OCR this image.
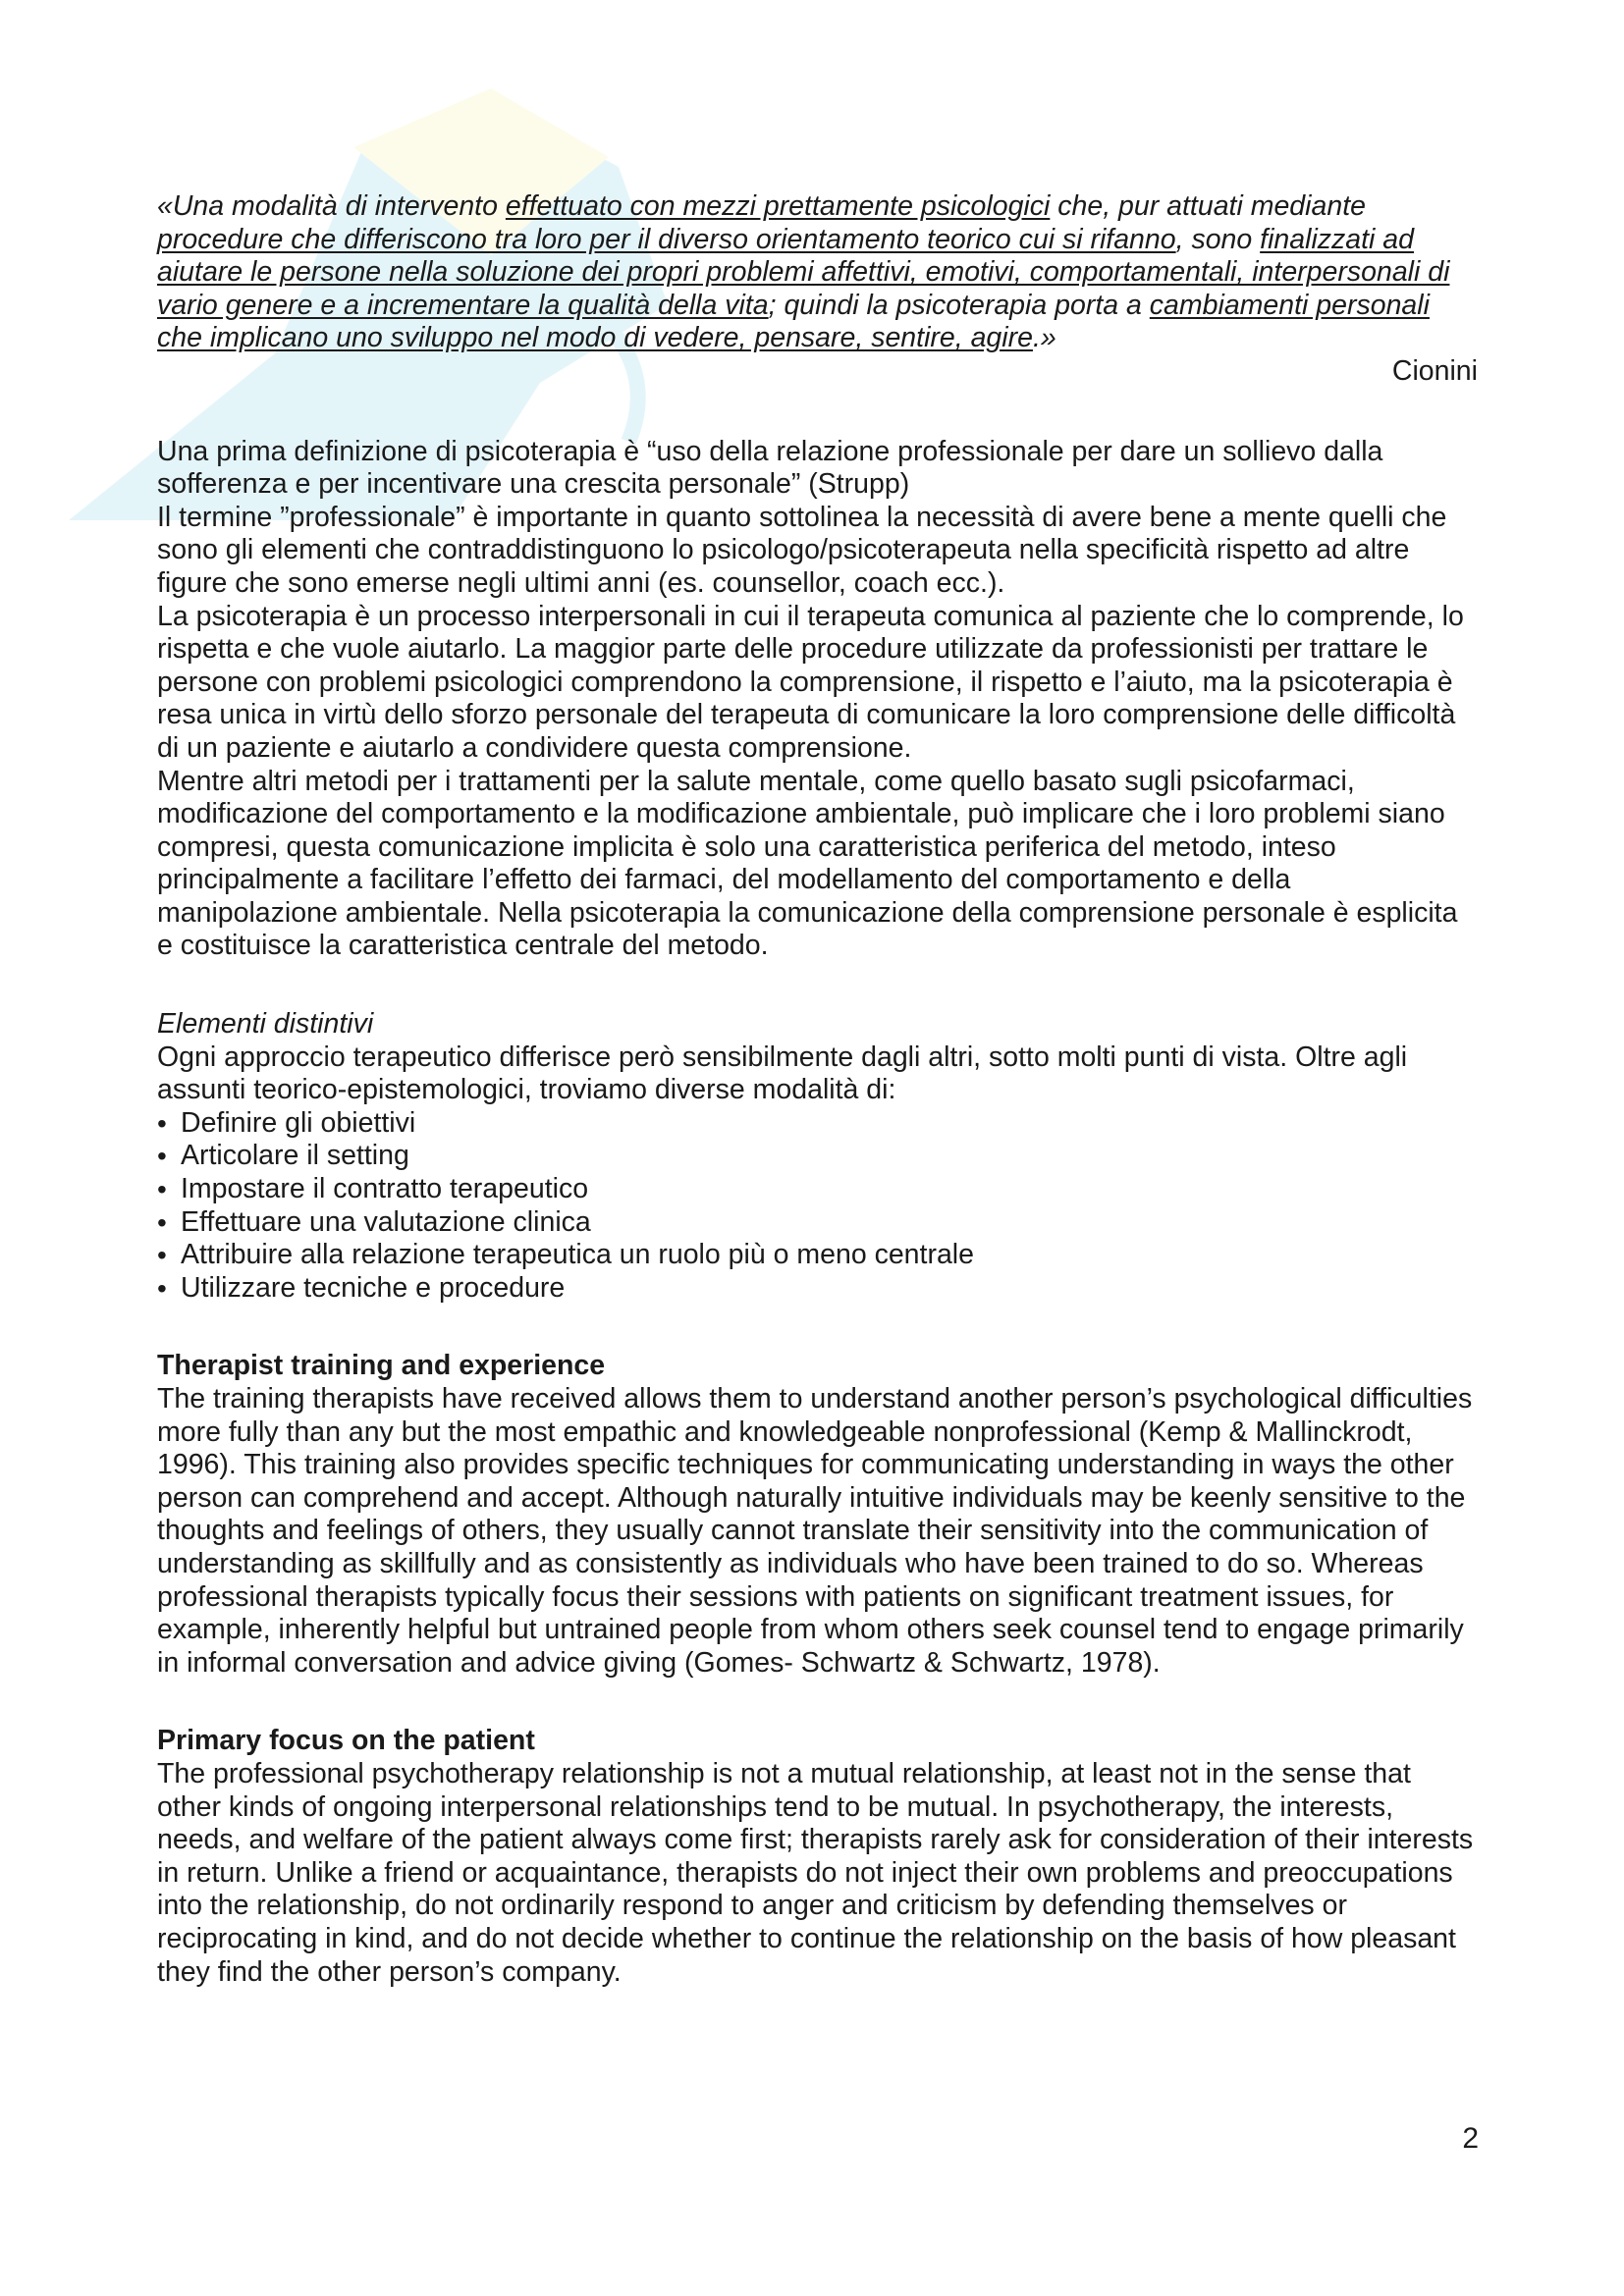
«Una modalità di intervento effettuato con mezzi prettamente psicologici che, pur attuati mediante procedure che differiscono tra loro per il diverso orientamento teorico cui si rifanno, sono finalizzati ad aiutare le persone nella soluzione dei propri problemi affettivi, emotivi, comportamentali, interpersonali di vario genere e a incrementare la qualità della vita; quindi la psicoterapia porta a cambiamenti personali che implicano uno sviluppo nel modo di vedere, pensare, sentire, agire.»

Cionini

Una prima definizione di psicoterapia è “uso della relazione professionale per dare un sollievo dalla sofferenza e per incentivare una crescita personale” (Strupp)

Il termine ”professionale” è importante in quanto sottolinea la necessità di avere bene a mente quelli che sono gli elementi che contraddistinguono lo psicologo/psicoterapeuta nella specificità rispetto ad altre figure che sono emerse negli ultimi anni (es. counsellor, coach ecc.).

La psicoterapia è un processo interpersonali in cui il terapeuta comunica al paziente che lo comprende, lo rispetta e che vuole aiutarlo. La maggior parte delle procedure utilizzate da professionisti per trattare le persone con problemi psicologici comprendono la comprensione, il rispetto e l’aiuto, ma la psicoterapia è resa unica in virtù dello sforzo personale del terapeuta di comunicare la loro comprensione delle difficoltà di un paziente e aiutarlo a condividere questa comprensione.

Mentre altri metodi per i trattamenti per la salute mentale, come quello basato sugli psicofarmaci, modificazione del comportamento e la modificazione ambientale, può implicare che i loro problemi siano compresi, questa comunicazione implicita è solo una caratteristica periferica del metodo, inteso principalmente a facilitare l’effetto dei farmaci, del modellamento del comportamento e della manipolazione ambientale. Nella psicoterapia la comunicazione della comprensione personale è esplicita e costituisce la caratteristica centrale del metodo.

Elementi distintivi

Ogni approccio terapeutico differisce però sensibilmente dagli altri, sotto molti punti di vista. Oltre agli assunti teorico-epistemologici, troviamo diverse modalità di:

• Definire gli obiettivi
• Articolare il setting
• Impostare il contratto terapeutico
• Effettuare una valutazione clinica
• Attribuire alla relazione terapeutica un ruolo più o meno centrale
• Utilizzare tecniche e procedure
Therapist training and experience

The training therapists have received allows them to understand another person’s psychological difficulties more fully than any but the most empathic and knowledgeable nonprofessional (Kemp & Mallinckrodt, 1996). This training also provides specific techniques for communicating understanding in ways the other person can comprehend and accept. Although naturally intuitive individuals may be keenly sensitive to the thoughts and feelings of others, they usually cannot translate their sensitivity into the communication of understanding as skillfully and as consistently as individuals who have been trained to do so. Whereas professional therapists typically focus their sessions with patients on significant treatment issues, for example, inherently helpful but untrained people from whom others seek counsel tend to engage primarily in informal conversation and advice giving (Gomes- Schwartz & Schwartz, 1978).

Primary focus on the patient

The professional psychotherapy relationship is not a mutual relationship, at least not in the sense that other kinds of ongoing interpersonal relationships tend to be mutual. In psychotherapy, the interests, needs, and welfare of the patient always come first; therapists rarely ask for consideration of their interests in return. Unlike a friend or acquaintance, therapists do not inject their own problems and preoccupations into the relationship, do not ordinarily respond to anger and criticism by defending themselves or reciprocating in kind, and do not decide whether to continue the relationship on the basis of how pleasant they find the other person’s company.

2
